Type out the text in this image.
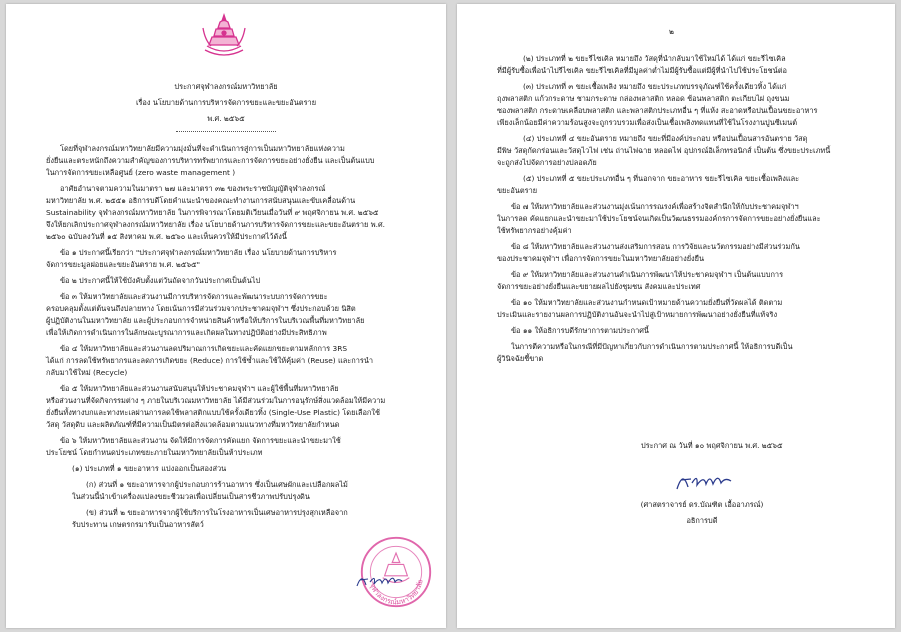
ประกาศจุฬาลงกรณ์มหาวิทยาลัย
เรื่อง นโยบายด้านการบริหารจัดการขยะและขยะอันตราย
พ.ศ. ๒๕๖๕
โดยที่จุฬาลงกรณ์มหาวิทยาลัยมีความมุ่งมั่นที่จะดำเนินการสู่การเป็นมหาวิทยาลัยแห่งความ
ยั่งยืนและตระหนักถึงความสำคัญของการบริหารทรัพยากรและการจัดการขยะอย่างยั่งยืน และเป็นต้นแบบ
ในการจัดการขยะเหลือศูนย์ (zero waste management )
อาศัยอำนาจตามความในมาตรา ๒๗ และมาตรา ๓๒ ของพระราชบัญญัติจุฬาลงกรณ์
มหาวิทยาลัย พ.ศ. ๒๕๕๑ อธิการบดีโดยคำแนะนำของคณะทำงานการสนับสนุนและขับเคลื่อนด้าน
Sustainability จุฬาลงกรณ์มหาวิทยาลัย ในการพิจารณาโดยมติเวียนเมื่อวันที่ ๙ พฤศจิกายน พ.ศ. ๒๕๖๕
จึงให้ยกเลิกประกาศจุฬาลงกรณ์มหาวิทยาลัย เรื่อง นโยบายด้านการบริหารจัดการขยะและขยะอันตราย พ.ศ.
๒๕๖๐ ฉบับลงวันที่ ๑๕ สิงหาคม พ.ศ. ๒๕๖๐ และเห็นควรให้มีประกาศไว้ดังนี้
ข้อ ๑ ประกาศนี้เรียกว่า "ประกาศจุฬาลงกรณ์มหาวิทยาลัย เรื่อง นโยบายด้านการบริหาร
จัดการขยะมูลฝอยและขยะอันตราย พ.ศ. ๒๕๖๕"
ข้อ ๒ ประกาศนี้ให้ใช้บังคับตั้งแต่วันถัดจากวันประกาศเป็นต้นไป
ข้อ ๓ ให้มหาวิทยาลัยและส่วนงานมีการบริหารจัดการและพัฒนาระบบการจัดการขยะ
ครอบคลุมตั้งแต่ต้นจนถึงปลายทาง โดยเน้นการมีส่วนร่วมจากประชาคมจุฬาฯ ซึ่งประกอบด้วย นิสิต
ผู้ปฏิบัติงานในมหาวิทยาลัย และผู้ประกอบการจำหน่ายสินค้าหรือให้บริการในบริเวณพื้นที่มหาวิทยาลัย
เพื่อให้เกิดการดำเนินการในลักษณะบูรณาการและเกิดผลในทางปฏิบัติอย่างมีประสิทธิภาพ
ข้อ ๔ ให้มหาวิทยาลัยและส่วนงานลดปริมาณการเกิดขยะและคัดแยกขยะตามหลักการ 3RS
ได้แก่ การลดใช้ทรัพยากรและลดการเกิดขยะ (Reduce) การใช้ซ้ำและใช้ให้คุ้มค่า (Reuse) และการนำ
กลับมาใช้ใหม่ (Recycle)
ข้อ ๕ ให้มหาวิทยาลัยและส่วนงานสนับสนุนให้ประชาคมจุฬาฯ และผู้ใช้พื้นที่มหาวิทยาลัย
หรือส่วนงานที่จัดกิจกรรมต่าง ๆ ภายในบริเวณมหาวิทยาลัย ได้มีส่วนร่วมในการอนุรักษ์สิ่งแวดล้อมให้มีความ
ยั่งยืนทั้งทางบกและทางทะเลผ่านการลดใช้พลาสติกแบบใช้ครั้งเดียวทิ้ง (Single-Use Plastic) โดยเลือกใช้
วัสดุ วัสดุดิบ และผลิตภัณฑ์ที่มีความเป็นมิตรต่อสิ่งแวดล้อมตามแนวทางที่มหาวิทยาลัยกำหนด
ข้อ ๖ ให้มหาวิทยาลัยและส่วนงาน จัดให้มีการจัดการคัดแยก จัดการขยะและนำขยะมาใช้
ประโยชน์ โดยกำหนดประเภทขยะภายในมหาวิทยาลัยเป็นห้าประเภท
(๑) ประเภทที่ ๑ ขยะอาหาร แบ่งออกเป็นสองส่วน
(ก) ส่วนที่ ๑ ขยะอาหารจากผู้ประกอบการร้านอาหาร ซึ่งเป็นเศษผักและเปลือกผลไม้
ในส่วนนี้นำเข้าเครื่องแปลงขยะชีวมวลเพื่อเปลี่ยนเป็นสารชีวภาพปรับปรุงดิน
(ข) ส่วนที่ ๒ ขยะอาหารจากผู้ใช้บริการในโรงอาหารเป็นเศษอาหารปรุงสุกเหลือจาก
รับประทาน เกษตรกรมารับเป็นอาหารสัตว์
จุฬาลงกรณ์มหาวิทยาลัย
๒
(๒) ประเภทที่ ๒ ขยะรีไซเคิล หมายถึง วัสดุที่นำกลับมาใช้ใหม่ได้ ได้แก่ ขยะรีไซเคิล
ที่มีผู้รับซื้อเพื่อนำไปรีไซเคิล ขยะรีไซเคิลที่มีมูลค่าต่ำไม่มีผู้รับซื้อแต่มีผู้ที่นำไปใช้ประโยชน์ต่อ
(๓) ประเภทที่ ๓ ขยะเชื้อเพลิง หมายถึง ขยะประเภทบรรจุภัณฑ์ใช้ครั้งเดียวทิ้ง ได้แก่
ถุงพลาสติก แก้วกระดาษ ชามกระดาษ กล่องพลาสติก หลอด ช้อนพลาสติก ตะเกียบไผ่ ถุงขนม
ซองพลาสติก กระดาษเคลือบพลาสติก และพลาสติกประเภทอื่น ๆ ที่แห้ง สะอาดหรือปนเปื้อนขยะอาหาร
เพียงเล็กน้อยมีค่าความร้อนสูงจะถูกรวบรวมเพื่อส่งเป็นเชื้อเพลิงทดแทนที่ใช้ในโรงงานปูนซีเมนต์
(๔) ประเภทที่ ๔ ขยะอันตราย หมายถึง ขยะที่มีองค์ประกอบ หรือปนเปื้อนสารอันตราย วัสดุ
มีพิษ วัสดุกัดกร่อนและวัสดุไวไฟ เช่น ถ่านไฟฉาย หลอดไฟ อุปกรณ์อิเล็กทรอนิกส์ เป็นต้น ซึ่งขยะประเภทนี้
จะถูกส่งไปจัดการอย่างปลอดภัย
(๕) ประเภทที่ ๕ ขยะประเภทอื่น ๆ ที่นอกจาก ขยะอาหาร ขยะรีไซเคิล ขยะเชื้อเพลิงและ
ขยะอันตราย
ข้อ ๗ ให้มหาวิทยาลัยและส่วนงานมุ่งเน้นการรณรงค์เพื่อสร้างจิตสำนึกให้กับประชาคมจุฬาฯ
ในการลด คัดแยกและนำขยะมาใช้ประโยชน์จนเกิดเป็นวัฒนธรรมองค์กรการจัดการขยะอย่างยั่งยืนและ
ใช้ทรัพยากรอย่างคุ้มค่า
ข้อ ๘ ให้มหาวิทยาลัยและส่วนงานส่งเสริมการสอน การวิจัยและนวัตกรรมอย่างมีส่วนร่วมกัน
ของประชาคมจุฬาฯ เพื่อการจัดการขยะในมหาวิทยาลัยอย่างยั่งยืน
ข้อ ๙ ให้มหาวิทยาลัยและส่วนงานดำเนินการพัฒนาให้ประชาคมจุฬาฯ เป็นต้นแบบการ
จัดการขยะอย่างยั่งยืนและขยายผลไปยังชุมชน สังคมและประเทศ
ข้อ ๑๐ ให้มหาวิทยาลัยและส่วนงานกำหนดเป้าหมายด้านความยั่งยืนที่วัดผลได้ ติดตาม
ประเมินและรายงานผลการปฏิบัติงานอันจะนำไปสู่เป้าหมายการพัฒนาอย่างยั่งยืนที่แท้จริง
ข้อ ๑๑ ให้อธิการบดีรักษาการตามประกาศนี้
ในการตีความหรือในกรณีที่มีปัญหาเกี่ยวกับการดำเนินการตามประกาศนี้ ให้อธิการบดีเป็น
ผู้วินิจฉัยชี้ขาด
ประกาศ ณ วันที่ ๑๐ พฤศจิกายน พ.ศ. ๒๕๖๕
(ศาสตราจารย์ ดร.บัณฑิต เอื้ออาภรณ์)
อธิการบดี
